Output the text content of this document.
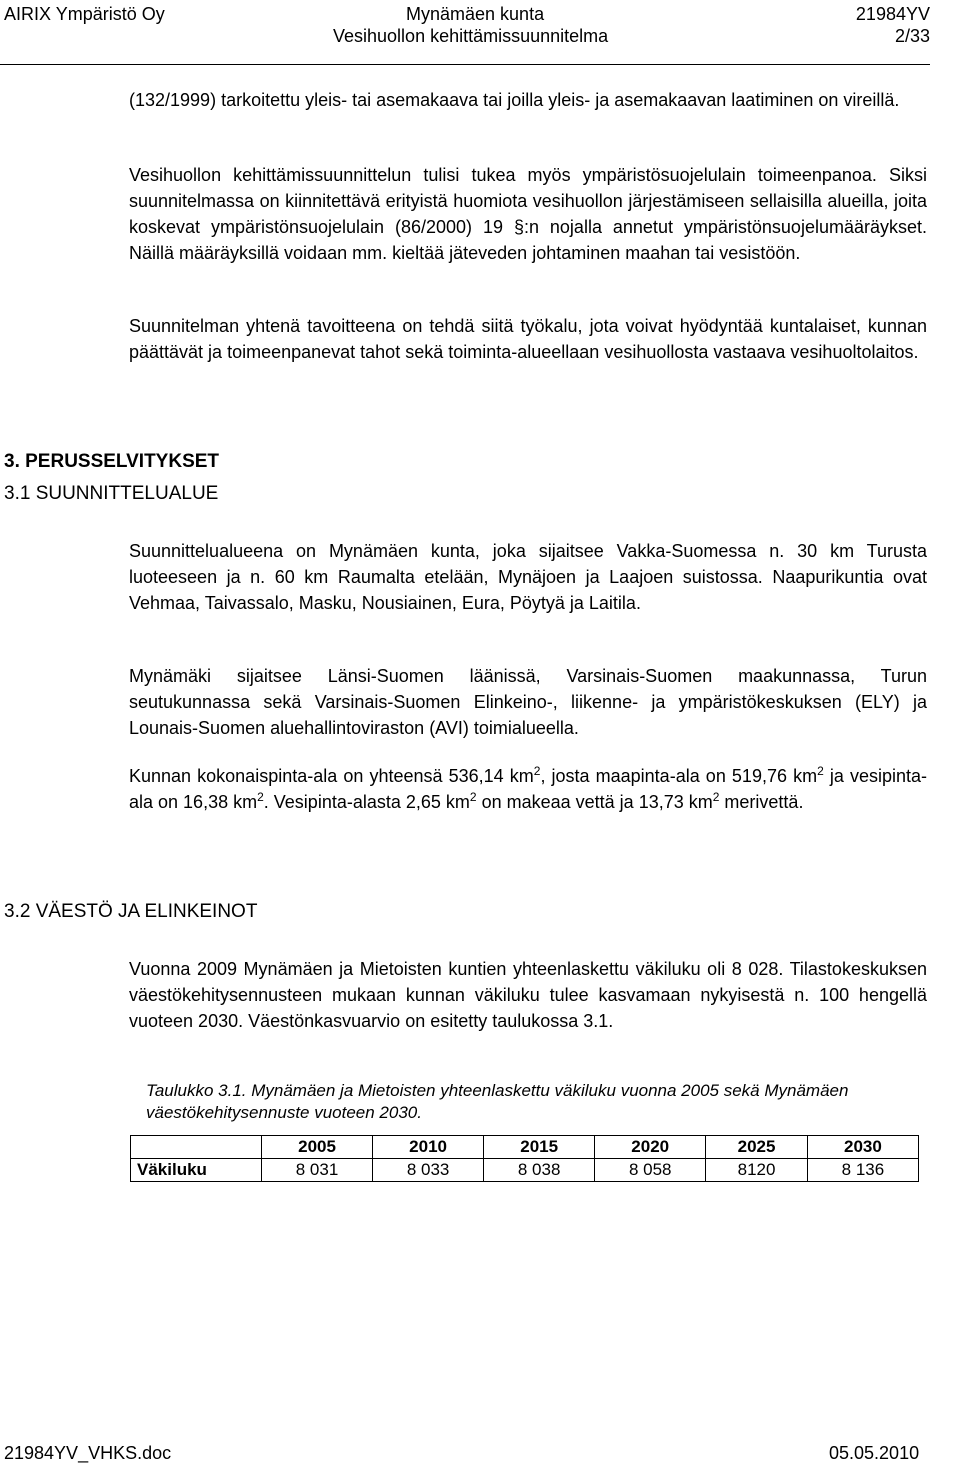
AIRIX Ympäristö Oy	Mynämäen kunta	21984YV
Vesihuollon kehittämissuunnitelma	2/33

(132/1999) tarkoitettu yleis- tai asemakaava tai joilla yleis- ja asemakaavan laatiminen on vireillä.

Vesihuollon kehittämissuunnittelun tulisi tukea myös ympäristösuojelulain toimeenpanoa. Siksi suunnitelmassa on kiinnitettävä erityistä huomiota vesihuollon järjestämiseen sellaisilla alueilla, joita koskevat ympäristönsuojelulain (86/2000) 19 §:n nojalla annetut ympäristönsuojelumääräykset. Näillä määräyksillä voidaan mm. kieltää jäteveden johtaminen maahan tai vesistöön.

Suunnitelman yhtenä tavoitteena on tehdä siitä työkalu, jota voivat hyödyntää kuntalaiset, kunnan päättävät ja toimeenpanevat tahot sekä toiminta-alueellaan vesihuollosta vastaava vesihuoltolaitos.

3. PERUSSELVITYKSET
3.1 SUUNNITTELUALUE

Suunnittelualueena on Mynämäen kunta, joka sijaitsee Vakka-Suomessa n. 30 km Turusta luoteeseen ja n. 60 km Raumalta etelään, Mynäjoen ja Laajoen suistossa. Naapurikuntia ovat Vehmaa, Taivassalo, Masku, Nousiainen, Eura, Pöytyä ja Laitila.

Mynämäki sijaitsee Länsi-Suomen läänissä, Varsinais-Suomen maakunnassa, Turun seutukunnassa sekä Varsinais-Suomen Elinkeino-, liikenne- ja ympäristökeskuksen (ELY) ja Lounais-Suomen aluehallintoviraston (AVI) toimialueella.

Kunnan kokonaispinta-ala on yhteensä 536,14 $km^2$, josta maapinta-ala on 519,76 $km^2$ ja vesipinta-ala on 16,38 $km^2$. Vesipinta-alasta 2,65 $km^2$ on makeaa vettä ja 13,73 $km^2$ merivettä.

3.2 VÄESTÖ JA ELINKEINOT

Vuonna 2009 Mynämäen ja Mietoisten kuntien yhteenlaskettu väkiluku oli 8 028. Tilastokeskuksen väestökehitysennusteen mukaan kunnan väkiluku tulee kasvamaan nykyisestä n. 100 hengellä vuoteen 2030. Väestönkasvuarvio on esitetty taulukossa 3.1.

Taulukko 3.1. Mynämäen ja Mietoisten yhteenlaskettu väkiluku vuonna 2005 sekä Mynämäen väestökehitysennuste vuoteen 2030.

	2005	2010	2015	2020	2025	2030
Väkiluku	8 031	8 033	8 038	8 058	8120	8 136
21984YV_VHKS.doc	05.05.2010
